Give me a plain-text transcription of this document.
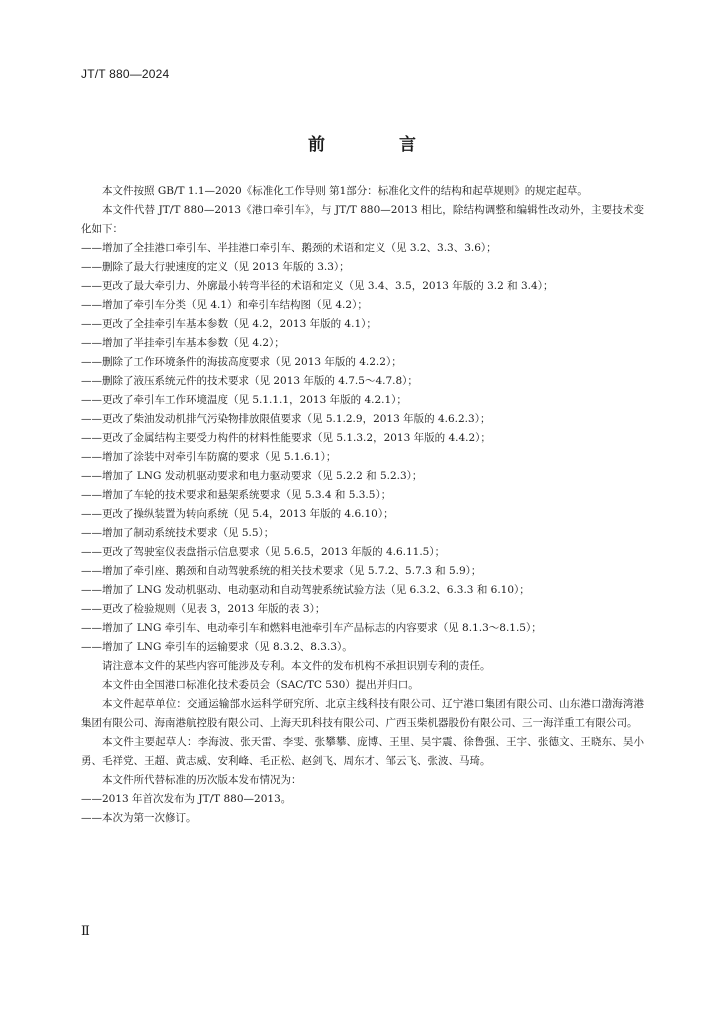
JT/T 880—2024
前 言

本文件按照 GB/T 1.1—2020《标准化工作导则 第1部分：标准化文件的结构和起草规则》的规定起草。

本文件代替 JT/T 880—2013《港口牵引车》，与 JT/T 880—2013 相比，除结构调整和编辑性改动外，主要技术变化如下：

——增加了全挂港口牵引车、半挂港口牵引车、鹅颈的术语和定义（见 3.2、3.3、3.6）；

——删除了最大行驶速度的定义（见 2013 年版的 3.3）；

——更改了最大牵引力、外廓最小转弯半径的术语和定义（见 3.4、3.5，2013 年版的 3.2 和 3.4）；

——增加了牵引车分类（见 4.1）和牵引车结构图（见 4.2）；

——更改了全挂牵引车基本参数（见 4.2，2013 年版的 4.1）；

——增加了半挂牵引车基本参数（见 4.2）；

——删除了工作环境条件的海拔高度要求（见 2013 年版的 4.2.2）；

——删除了液压系统元件的技术要求（见 2013 年版的 4.7.5～4.7.8）；

——更改了牵引车工作环境温度（见 5.1.1.1，2013 年版的 4.2.1）；

——更改了柴油发动机排气污染物排放限值要求（见 5.1.2.9，2013 年版的 4.6.2.3）；

——更改了金属结构主要受力构件的材料性能要求（见 5.1.3.2，2013 年版的 4.4.2）；

——增加了涂装中对牵引车防腐的要求（见 5.1.6.1）；

——增加了 LNG 发动机驱动要求和电力驱动要求（见 5.2.2 和 5.2.3）；

——增加了车轮的技术要求和悬架系统要求（见 5.3.4 和 5.3.5）；

——更改了操纵装置为转向系统（见 5.4，2013 年版的 4.6.10）；

——增加了制动系统技术要求（见 5.5）；

——更改了驾驶室仪表盘指示信息要求（见 5.6.5，2013 年版的 4.6.11.5）；

——增加了牵引座、鹅颈和自动驾驶系统的相关技术要求（见 5.7.2、5.7.3 和 5.9）；

——增加了 LNG 发动机驱动、电动驱动和自动驾驶系统试验方法（见 6.3.2、6.3.3 和 6.10）；

——更改了检验规则（见表 3，2013 年版的表 3）；

——增加了 LNG 牵引车、电动牵引车和燃料电池牵引车产品标志的内容要求（见 8.1.3～8.1.5）；

——增加了 LNG 牵引车的运输要求（见 8.3.2、8.3.3）。

请注意本文件的某些内容可能涉及专利。本文件的发布机构不承担识别专利的责任。

本文件由全国港口标准化技术委员会（SAC/TC 530）提出并归口。

本文件起草单位：交通运输部水运科学研究所、北京主线科技有限公司、辽宁港口集团有限公司、山东港口渤海湾港集团有限公司、海南港航控股有限公司、上海天玑科技有限公司、广西玉柴机器股份有限公司、三一海洋重工有限公司。

本文件主要起草人：李海波、张天雷、李雯、张攀攀、庞博、王里、吴宇震、徐鲁强、王宇、张德文、王晓东、吴小勇、毛祥党、王超、黄志威、安利峰、毛正松、赵剑飞、周东才、邹云飞、张波、马琦。

本文件所代替标准的历次版本发布情况为：

——2013 年首次发布为 JT/T 880—2013。

——本次为第一次修订。

Ⅱ
